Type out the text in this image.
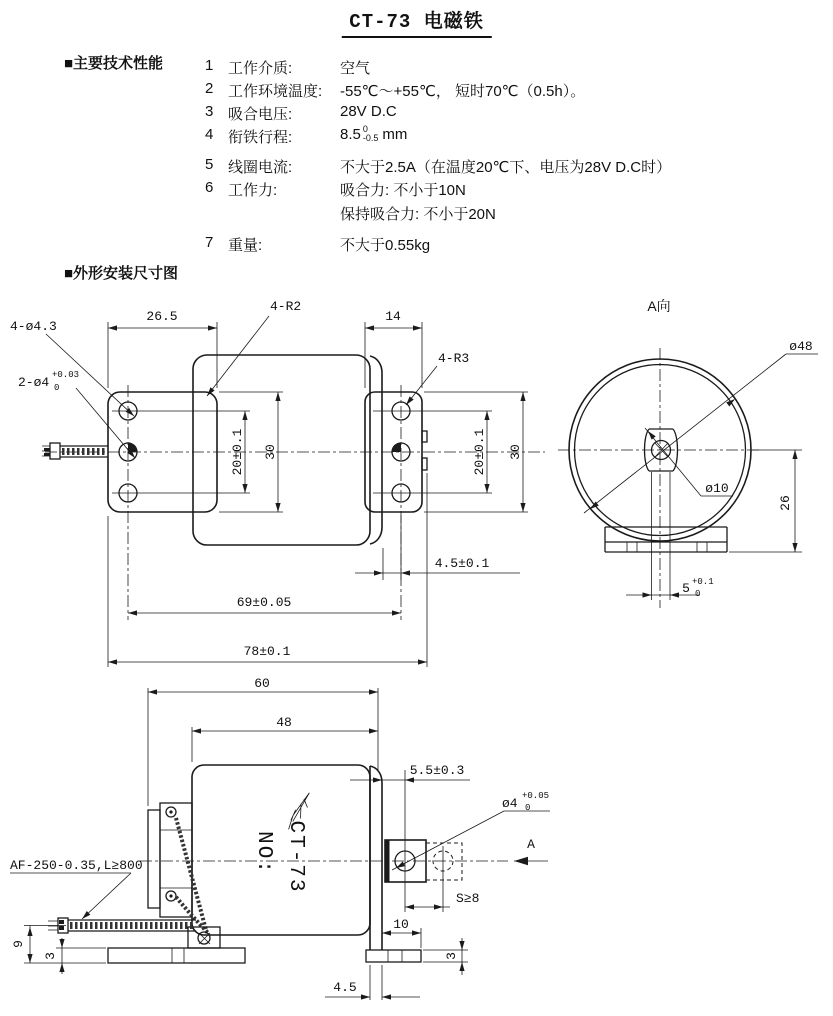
CT-73 电磁铁
■主要技术性能	1 工作介质:	空气
2 工作环境温度:	-55℃～+55℃， 短时70℃（0.5h）。
3 吸合电压:	28V D.C
4 衔铁行程:	8.5 0
-0.5 mm
5 线圈电流:	不大于2.5A（在温度20℃下、电压为28V D.C时）
6 工作力:	吸合力: 不小于10N
保持吸合力: 不小于20N
7 重量:	不大于0.55kg
■外形安装尺寸图
26.5
4-R2
14
4-R3
4-ø4.3
2-ø4 +0.03
0
20±0.1 30	20±0.1 30
4.5±0.1
69±0.05
78±0.1
A向
ø48
ø10
26
5 +0.1
0
CT-73
NO:
60
48
5.5±0.3
ø4 +0.05
0
A
S≥8
10
3
4.5
9
3
AF-250-0.35,L≥800
